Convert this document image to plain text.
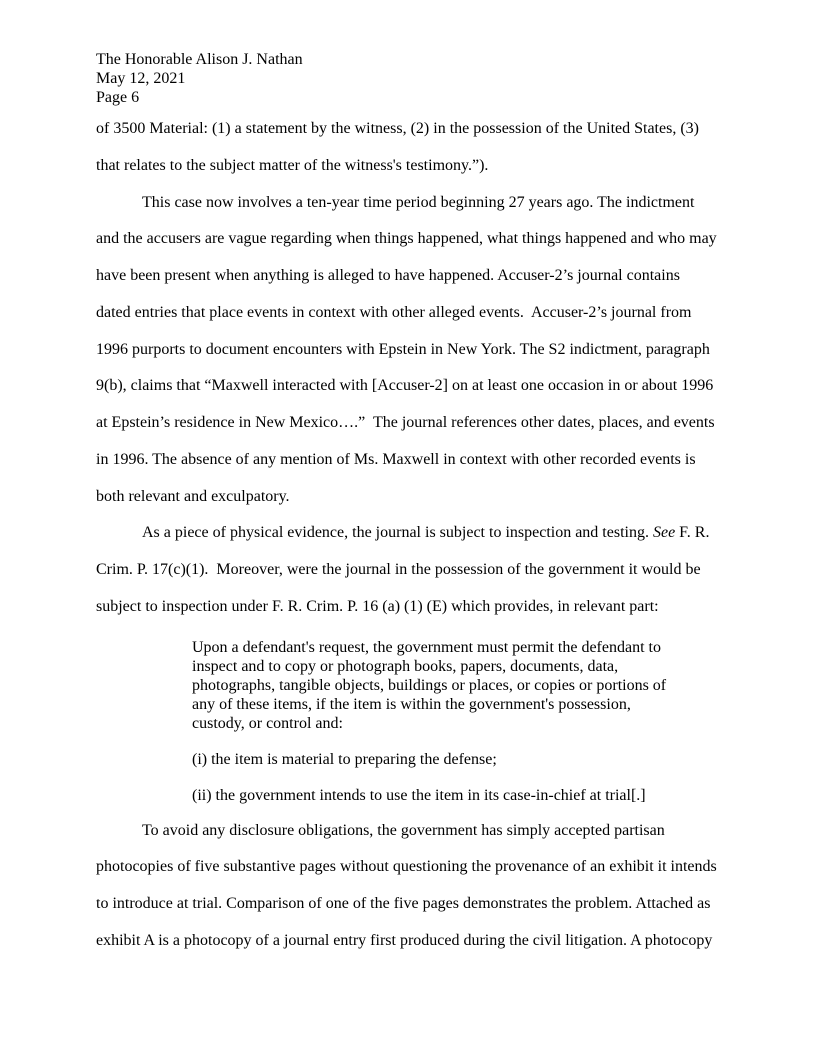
The Honorable Alison J. Nathan
May 12, 2021
Page 6
of 3500 Material: (1) a statement by the witness, (2) in the possession of the United States, (3)
that relates to the subject matter of the witness's testimony.”).
This case now involves a ten-year time period beginning 27 years ago. The indictment
and the accusers are vague regarding when things happened, what things happened and who may
have been present when anything is alleged to have happened. Accuser-2’s journal contains
dated entries that place events in context with other alleged events.  Accuser-2’s journal from
1996 purports to document encounters with Epstein in New York. The S2 indictment, paragraph
9(b), claims that “Maxwell interacted with [Accuser-2] on at least one occasion in or about 1996
at Epstein’s residence in New Mexico….”  The journal references other dates, places, and events
in 1996. The absence of any mention of Ms. Maxwell in context with other recorded events is
both relevant and exculpatory.
As a piece of physical evidence, the journal is subject to inspection and testing. See F. R.
Crim. P. 17(c)(1).  Moreover, were the journal in the possession of the government it would be
subject to inspection under F. R. Crim. P. 16 (a) (1) (E) which provides, in relevant part:
Upon a defendant's request, the government must permit the defendant to
inspect and to copy or photograph books, papers, documents, data,
photographs, tangible objects, buildings or places, or copies or portions of
any of these items, if the item is within the government's possession,
custody, or control and:
(i) the item is material to preparing the defense;
(ii) the government intends to use the item in its case-in-chief at trial[.]
To avoid any disclosure obligations, the government has simply accepted partisan
photocopies of five substantive pages without questioning the provenance of an exhibit it intends
to introduce at trial. Comparison of one of the five pages demonstrates the problem. Attached as
exhibit A is a photocopy of a journal entry first produced during the civil litigation. A photocopy
